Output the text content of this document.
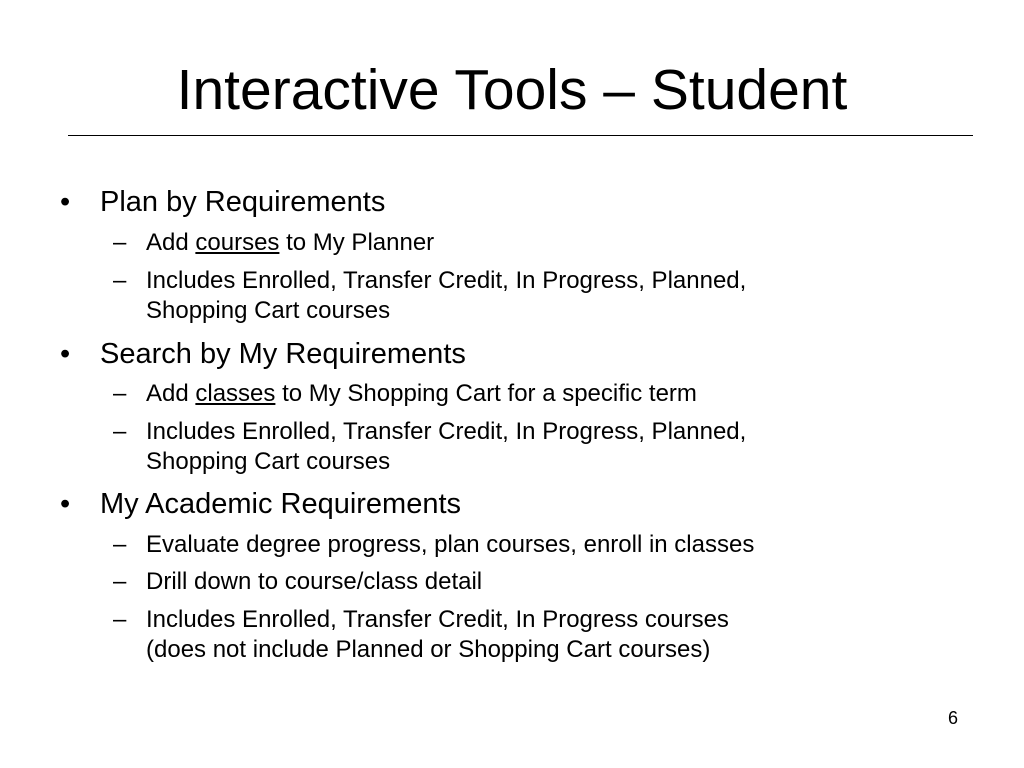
Interactive Tools – Student
• Plan by Requirements
– Add courses to My Planner
– Includes Enrolled, Transfer Credit, In Progress, Planned,
Shopping Cart courses
• Search by My Requirements
– Add classes to My Shopping Cart for a specific term
– Includes Enrolled, Transfer Credit, In Progress, Planned,
Shopping Cart courses
• My Academic Requirements
– Evaluate degree progress, plan courses, enroll in classes
– Drill down to course/class detail
– Includes Enrolled, Transfer Credit, In Progress courses
(does not include Planned or Shopping Cart courses)
6
